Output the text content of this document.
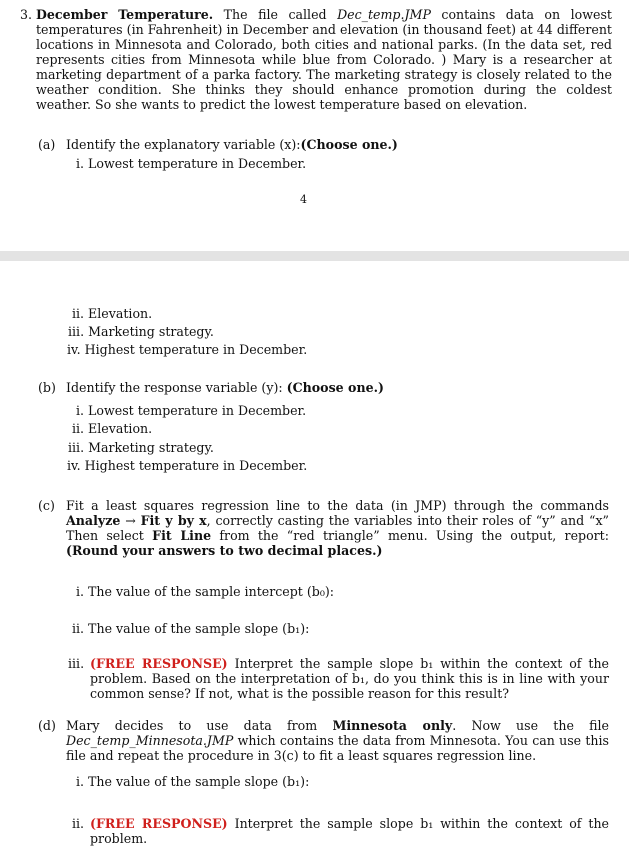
3. December Temperature. The file called Dec_temp.JMP contains data on lowest temperatures (in Fahrenheit) in December and elevation (in thousand feet) at 44 different locations in Minnesota and Colorado, both cities and national parks. (In the data set, red represents cities from Minnesota while blue from Colorado. ) Mary is a researcher at marketing department of a parka factory. The marketing strategy is closely related to the weather condition. She thinks they should enhance promotion during the coldest weather. So she wants to predict the lowest temperature based on elevation.
(a) Identify the explanatory variable (x):(Choose one.)
i. Lowest temperature in December.
4
ii. Elevation.
iii. Marketing strategy.
iv. Highest temperature in December.
(b) Identify the response variable (y): (Choose one.)
i. Lowest temperature in December.
ii. Elevation.
iii. Marketing strategy.
iv. Highest temperature in December.
(c) Fit a least squares regression line to the data (in JMP) through the commands Analyze → Fit y by x, correctly casting the variables into their roles of “y” and “x” Then select Fit Line from the “red triangle” menu. Using the output, report: (Round your answers to two decimal places.)
i. The value of the sample intercept (b₀):
ii. The value of the sample slope (b₁):
iii. (FREE RESPONSE) Interpret the sample slope b₁ within the context of the problem. Based on the interpretation of b₁, do you think this is in line with your common sense? If not, what is the possible reason for this result?
(d) Mary decides to use data from Minnesota only. Now use the file Dec_temp_Minnesota.JMP which contains the data from Minnesota. You can use this file and repeat the procedure in 3(c) to fit a least squares regression line.
i. The value of the sample slope (b₁):
ii. (FREE RESPONSE) Interpret the sample slope b₁ within the context of the problem.
